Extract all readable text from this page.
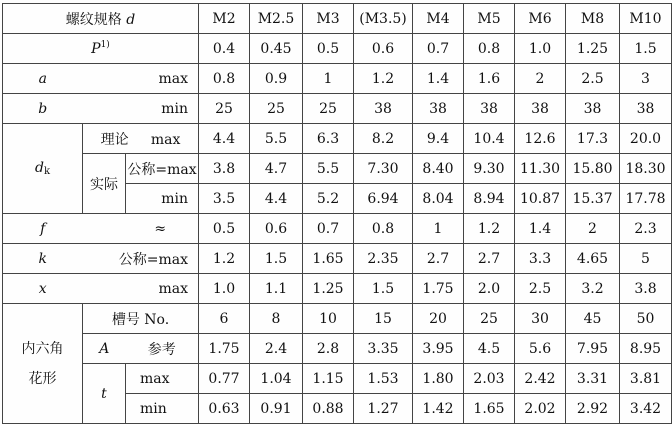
螺纹规格 d			M2	M2.5	M3	(M3.5)	M4	M5	M6	M8	M10
$P^{1)}$			0.4	0.45	0.5	0.6	0.7	0.8	1.0	1.25	1.5
a	max		0.8	0.9	1	1.2	1.4	1.6	2	2.5	3
b	min		25	25	25	38	38	38	38	38	38
$d_k$	理论 max		4.4	5.5	6.3	8.2	9.4	10.4	12.6	17.3	20.0
	实际	公称=max	3.8	4.7	5.5	7.30	8.40	9.30	11.30	15.80	18.30
		min	3.5	4.4	5.2	6.94	8.04	8.94	10.87	15.37	17.78
f	≈		0.5	0.6	0.7	0.8	1	1.2	1.4	2	2.3
k	公称=max		1.2	1.5	1.65	2.35	2.7	2.7	3.3	4.65	5
x	max		1.0	1.1	1.25	1.5	1.75	2.0	2.5	3.2	3.8

内六角
花形	槽号 No.		6	8	10	15	20	25	30	45	50
	A	参考	1.75	2.4	2.8	3.35	3.95	4.5	5.6	7.95	8.95
	t	max	0.77	1.04	1.15	1.53	1.80	2.03	2.42	3.31	3.81
		min	0.63	0.91	0.88	1.27	1.42	1.65	2.02	2.92	3.42
